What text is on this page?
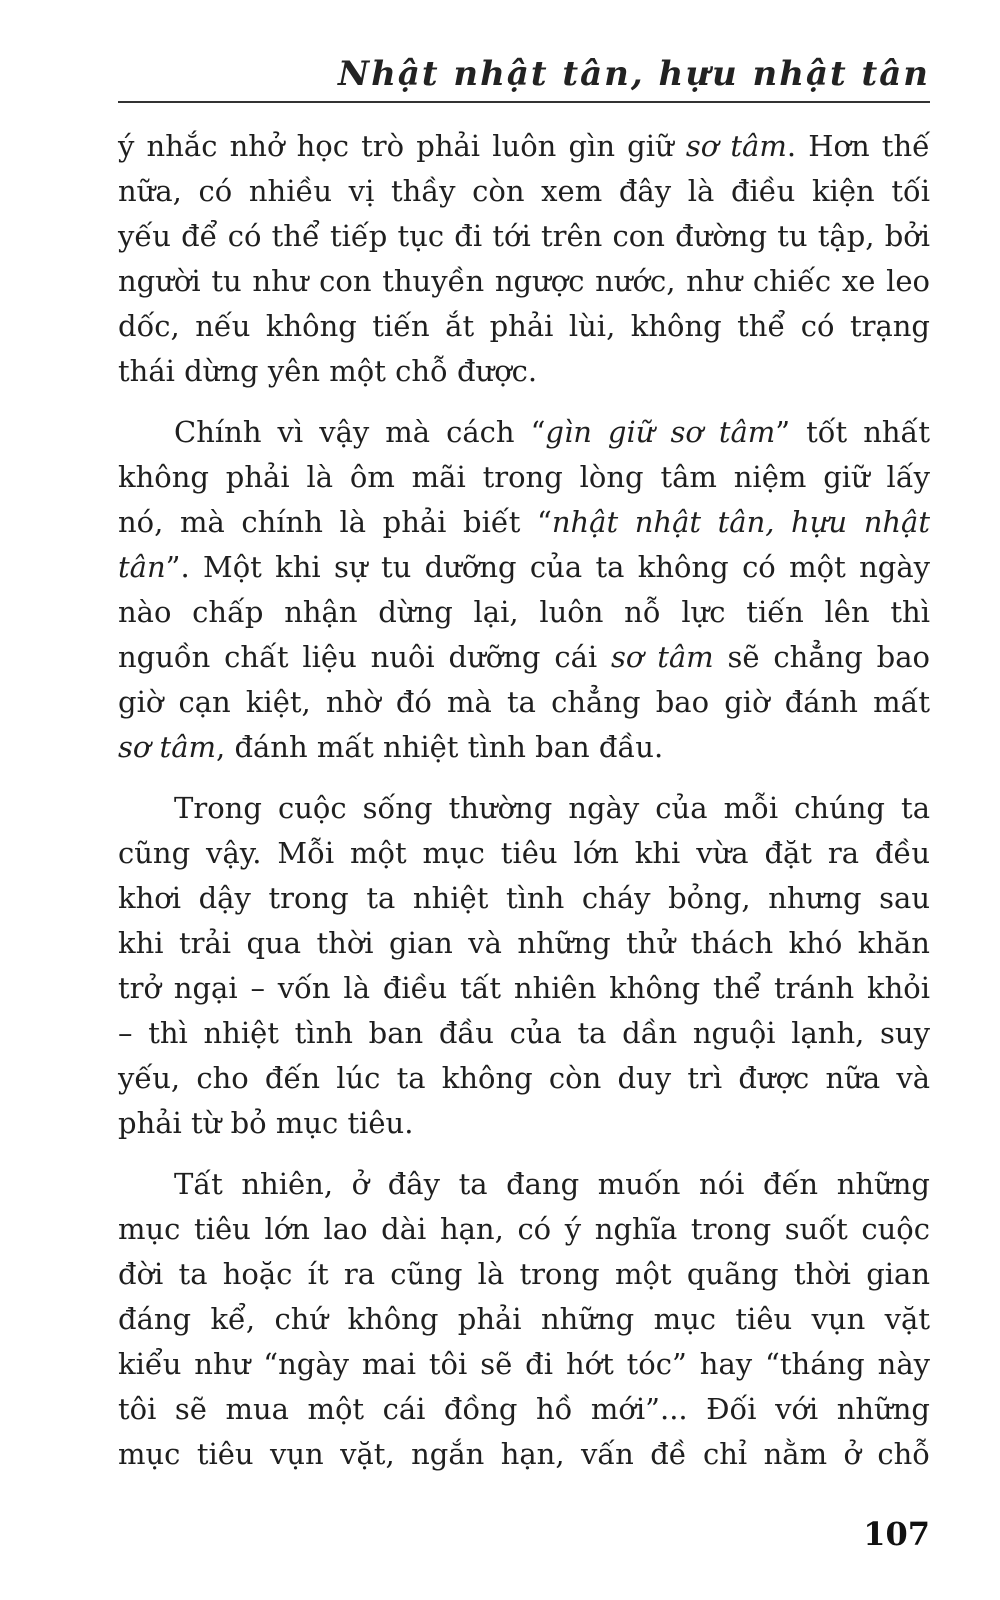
Nhật nhật tân, hựu nhật tân
ý nhắc nhở học trò phải luôn gìn giữ sơ tâm. Hơn thế
nữa, có nhiều vị thầy còn xem đây là điều kiện tối
yếu để có thể tiếp tục đi tới trên con đường tu tập, bởi
người tu như con thuyền ngược nước, như chiếc xe leo
dốc, nếu không tiến ắt phải lùi, không thể có trạng
thái dừng yên một chỗ được.
Chính vì vậy mà cách “gìn giữ sơ tâm” tốt nhất
không phải là ôm mãi trong lòng tâm niệm giữ lấy
nó, mà chính là phải biết “nhật nhật tân, hựu nhật
tân”. Một khi sự tu dưỡng của ta không có một ngày
nào chấp nhận dừng lại, luôn nỗ lực tiến lên thì
nguồn chất liệu nuôi dưỡng cái sơ tâm sẽ chẳng bao
giờ cạn kiệt, nhờ đó mà ta chẳng bao giờ đánh mất
sơ tâm, đánh mất nhiệt tình ban đầu.
Trong cuộc sống thường ngày của mỗi chúng ta
cũng vậy. Mỗi một mục tiêu lớn khi vừa đặt ra đều
khơi dậy trong ta nhiệt tình cháy bỏng, nhưng sau
khi trải qua thời gian và những thử thách khó khăn
trở ngại – vốn là điều tất nhiên không thể tránh khỏi
– thì nhiệt tình ban đầu của ta dần nguội lạnh, suy
yếu, cho đến lúc ta không còn duy trì được nữa và
phải từ bỏ mục tiêu.
Tất nhiên, ở đây ta đang muốn nói đến những
mục tiêu lớn lao dài hạn, có ý nghĩa trong suốt cuộc
đời ta hoặc ít ra cũng là trong một quãng thời gian
đáng kể, chứ không phải những mục tiêu vụn vặt
kiểu như “ngày mai tôi sẽ đi hớt tóc” hay “tháng này
tôi sẽ mua một cái đồng hồ mới”... Đối với những
mục tiêu vụn vặt, ngắn hạn, vấn đề chỉ nằm ở chỗ
107
